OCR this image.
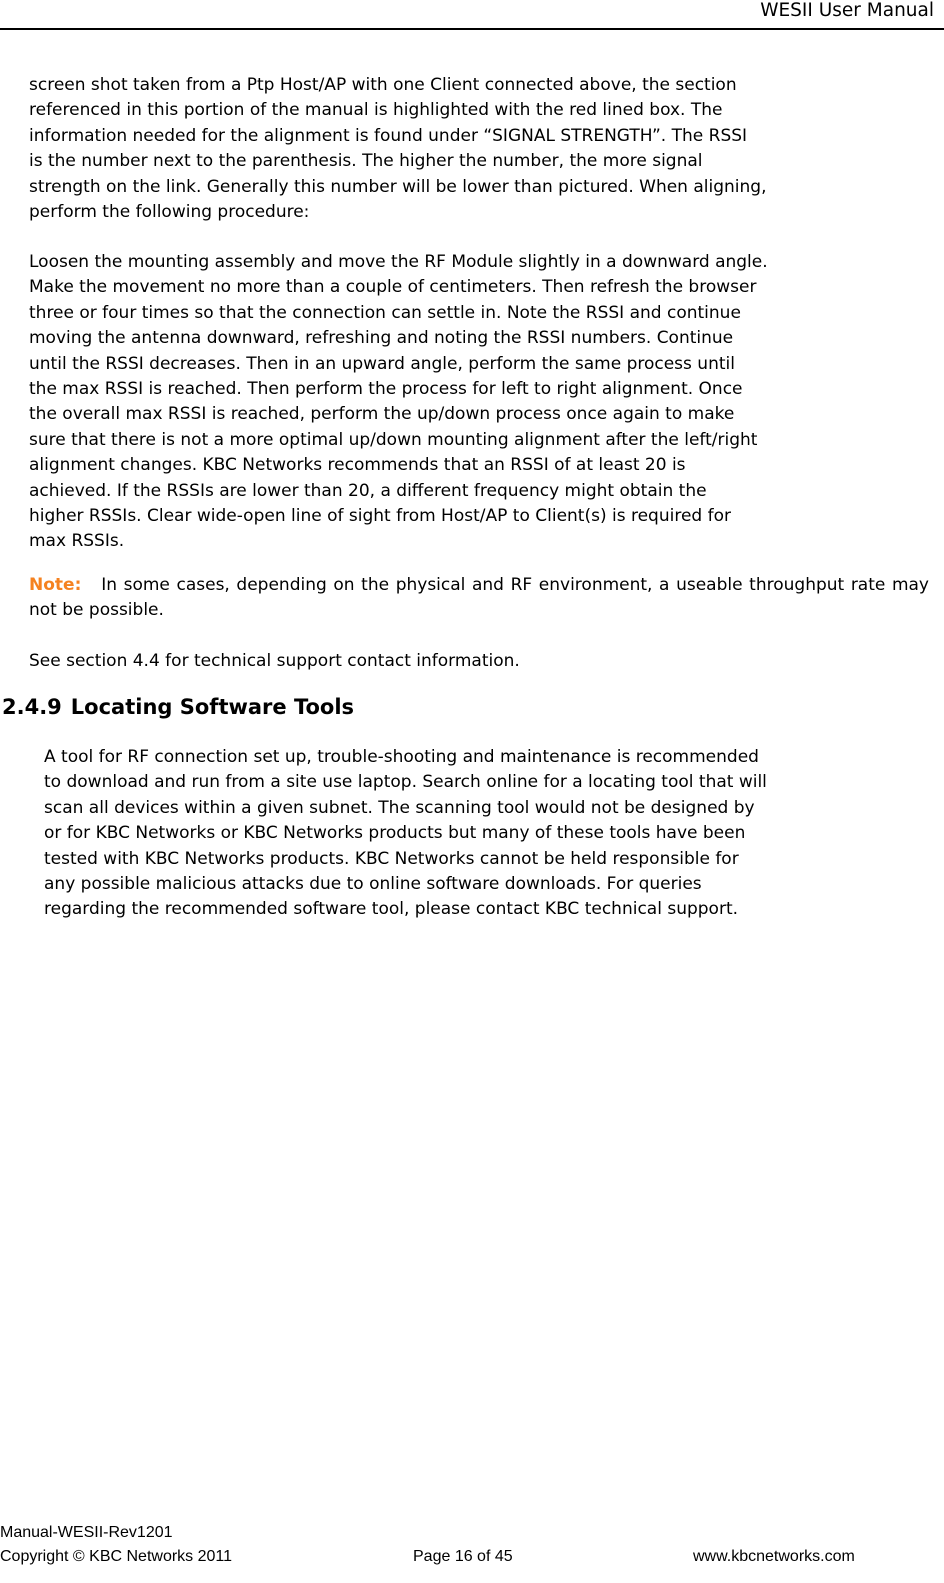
WESII User Manual
screen shot taken from a Ptp Host/AP with one Client connected above, the section
referenced in this portion of the manual is highlighted with the red lined box. The
information needed for the alignment is found under “SIGNAL STRENGTH”. The RSSI
is the number next to the parenthesis. The higher the number, the more signal
strength on the link. Generally this number will be lower than pictured. When aligning,
perform the following procedure:
Loosen the mounting assembly and move the RF Module slightly in a downward angle.
Make the movement no more than a couple of centimeters. Then refresh the browser
three or four times so that the connection can settle in. Note the RSSI and continue
moving the antenna downward, refreshing and noting the RSSI numbers. Continue
until the RSSI decreases. Then in an upward angle, perform the same process until
the max RSSI is reached. Then perform the process for left to right alignment. Once
the overall max RSSI is reached, perform the up/down process once again to make
sure that there is not a more optimal up/down mounting alignment after the left/right
alignment changes. KBC Networks recommends that an RSSI of at least 20 is
achieved. If the RSSIs are lower than 20, a different frequency might obtain the
higher RSSIs. Clear wide-open line of sight from Host/AP to Client(s) is required for
max RSSIs.

Note: In some cases, depending on the physical and RF environment, a useable throughput rate may not be possible.

See section 4.4 for technical support contact information.
2.4.9 Locating Software Tools
A tool for RF connection set up, trouble-shooting and maintenance is recommended
to download and run from a site use laptop. Search online for a locating tool that will
scan all devices within a given subnet. The scanning tool would not be designed by
or for KBC Networks or KBC Networks products but many of these tools have been
tested with KBC Networks products. KBC Networks cannot be held responsible for
any possible malicious attacks due to online software downloads. For queries
regarding the recommended software tool, please contact KBC technical support.
Manual-WESII-Rev1201
Copyright © KBC Networks 2011	Page 16 of 45	www.kbcnetworks.com
